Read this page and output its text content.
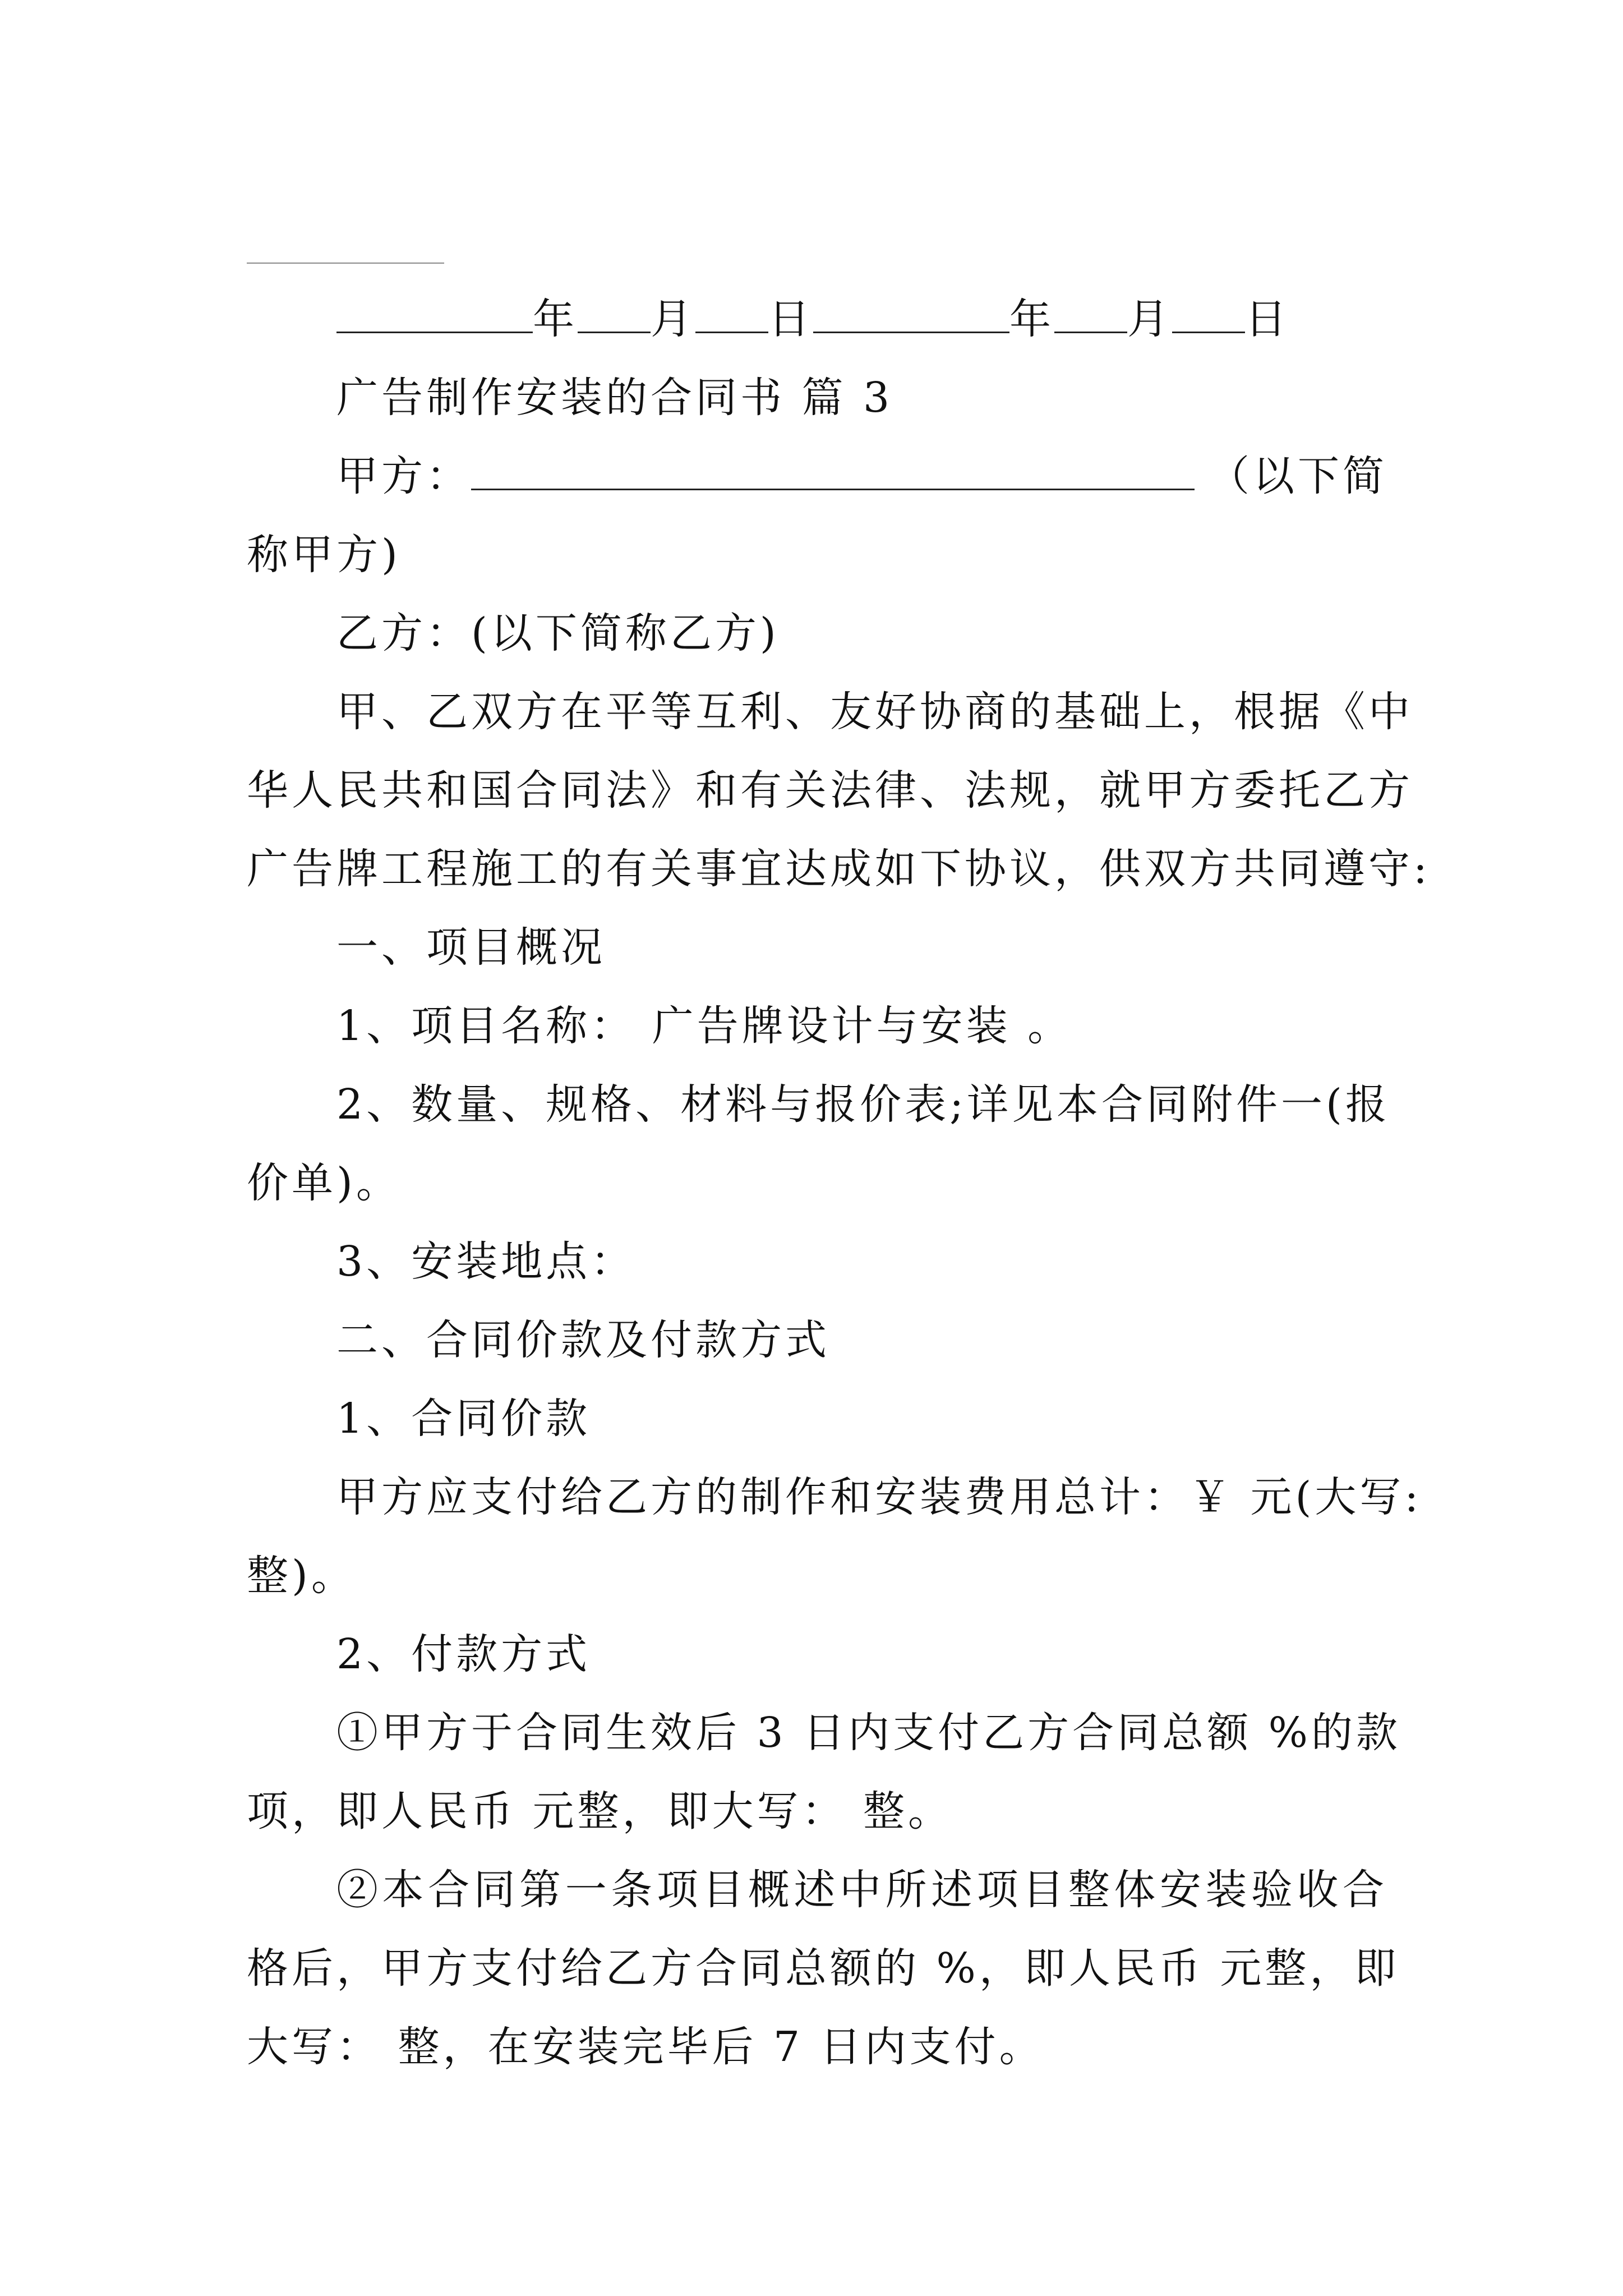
年 月 日	年 月 日
广告制作安装的合同书 篇 3
甲方：	（以下简
称甲方)
乙方：(以下简称乙方)
甲、乙双方在平等互利、友好协商的基础上，根据《中
华人民共和国合同法》和有关法律、法规，就甲方委托乙方
广告牌工程施工的有关事宜达成如下协议，供双方共同遵守:
一、项目概况
1、项目名称： 广告牌设计与安装 。
2、数量、规格、材料与报价表;详见本合同附件一(报
价单)。
3、安装地点：
二、合同价款及付款方式
1、合同价款
甲方应支付给乙方的制作和安装费用总计：￥ 元(大写:
整)。
2、付款方式
①甲方于合同生效后 3 日内支付乙方合同总额 %的款
项，即人民币 元整，即大写： 整。
②本合同第一条项目概述中所述项目整体安装验收合
格后，甲方支付给乙方合同总额的 %，即人民币 元整，即
大写： 整，在安装完毕后 7 日内支付。
